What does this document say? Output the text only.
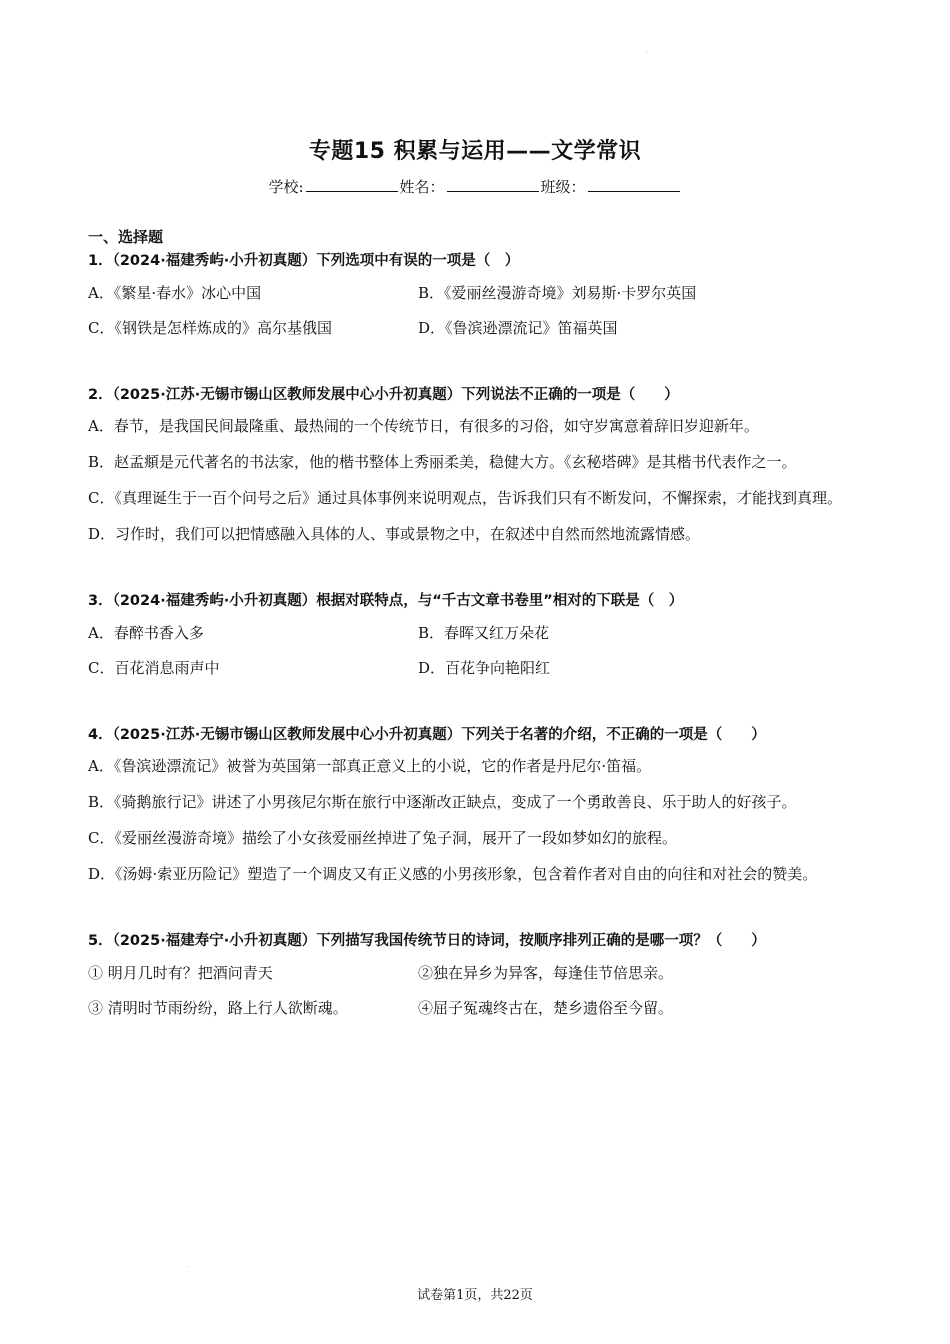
·
·
专题15 积累与运用——文学常识
学校:	姓名：	班级：
一、选择题
1．（2024·福建秀屿·小升初真题）下列选项中有误的一项是（　）
A．《繁星·春水》冰心中国	B．《爱丽丝漫游奇境》刘易斯·卡罗尔英国
C．《钢铁是怎样炼成的》高尔基俄国	D．《鲁滨逊漂流记》笛福英国
2．（2025·江苏·无锡市锡山区教师发展中心小升初真题）下列说法不正确的一项是（　　）
A．春节，是我国民间最隆重、最热闹的一个传统节日，有很多的习俗，如守岁寓意着辞旧岁迎新年。
B．赵孟頫是元代著名的书法家，他的楷书整体上秀丽柔美，稳健大方。《玄秘塔碑》是其楷书代表作之一。
C．《真理诞生于一百个问号之后》通过具体事例来说明观点，告诉我们只有不断发问，不懈探索，才能找到真理。
D．习作时，我们可以把情感融入具体的人、事或景物之中，在叙述中自然而然地流露情感。
3．（2024·福建秀屿·小升初真题）根据对联特点，与“千古文章书卷里”相对的下联是（　）
A．春醉书香入多	B．春晖又红万朵花
C．百花消息雨声中	D．百花争向艳阳红
4．（2025·江苏·无锡市锡山区教师发展中心小升初真题）下列关于名著的介绍，不正确的一项是（　　）
A．《鲁滨逊漂流记》被誉为英国第一部真正意义上的小说，它的作者是丹尼尔·笛福。
B．《骑鹅旅行记》讲述了小男孩尼尔斯在旅行中逐渐改正缺点，变成了一个勇敢善良、乐于助人的好孩子。
C．《爱丽丝漫游奇境》描绘了小女孩爱丽丝掉进了兔子洞，展开了一段如梦如幻的旅程。
D．《汤姆·索亚历险记》塑造了一个调皮又有正义感的小男孩形象，包含着作者对自由的向往和对社会的赞美。
5．（2025·福建寿宁·小升初真题）下列描写我国传统节日的诗词，按顺序排列正确的是哪一项？（　　）
① 明月几时有？把酒问青天	②独在异乡为异客，每逢佳节倍思亲。
③ 清明时节雨纷纷，路上行人欲断魂。	④屈子冤魂终古在，楚乡遗俗至今留。
试卷第1页，共22页
